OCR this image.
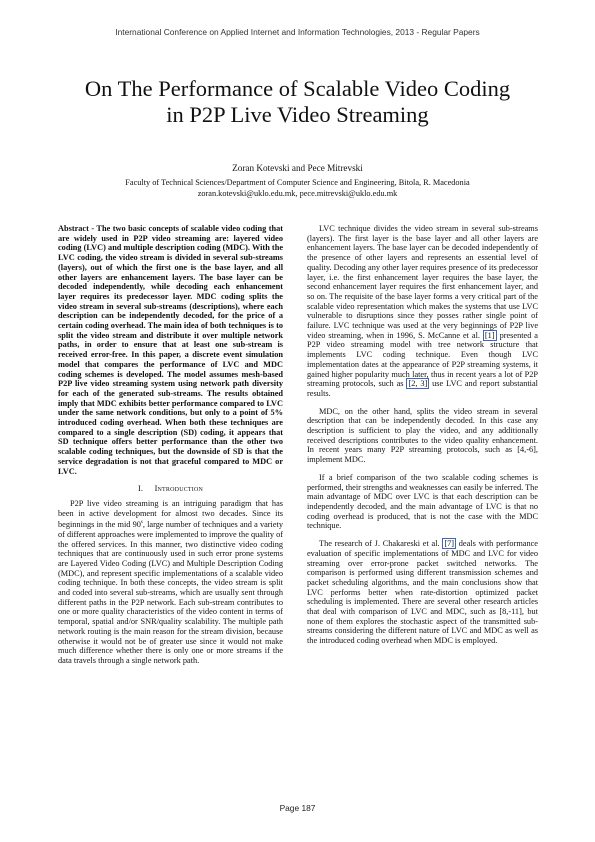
International Conference on Applied Internet and Information Technologies, 2013 - Regular Papers
On The Performance of Scalable Video Coding
in P2P Live Video Streaming
Zoran Kotevski and Pece Mitrevski
Faculty of Technical Sciences/Department of Computer Science and Engineering, Bitola, R. Macedonia
zoran.kotevski@uklo.edu.mk, pece.mitrevski@uklo.edu.mk

Abstract - The two basic concepts of scalable video coding that are widely used in P2P video streaming are: layered video coding (LVC) and multiple description coding (MDC). With the LVC coding, the video stream is divided in several sub-streams (layers), out of which the first one is the base layer, and all other layers are enhancement layers. The base layer can be decoded independently, while decoding each enhancement layer requires its predecessor layer. MDC coding splits the video stream in several sub-streams (descriptions), where each description can be independently decoded, for the price of a certain coding overhead. The main idea of both techniques is to split the video stream and distribute it over multiple network paths, in order to ensure that at least one sub-stream is received error-free. In this paper, a discrete event simulation model that compares the performance of LVC and MDC coding schemes is developed. The model assumes mesh-based P2P live video streaming system using network path diversity for each of the generated sub-streams. The results obtained imply that MDC exhibits better performance compared to LVC under the same network conditions, but only to a point of 5% introduced coding overhead. When both these techniques are compared to a single description (SD) coding, it appears that SD technique offers better performance than the other two scalable coding techniques, but the downside of SD is that the service degradation is not that graceful compared to MDC or LVC.

I. Introduction

P2P live video streaming is an intriguing paradigm that has been in active development for almost two decades. Since its beginnings in the mid 90$^s$, large number of techniques and a variety of different approaches were implemented to improve the quality of the offered services. In this manner, two distinctive video coding techniques that are continuously used in such error prone systems are Layered Video Coding (LVC) and Multiple Description Coding (MDC), and represent specific implementations of a scalable video coding technique. In both these concepts, the video stream is split and coded into several sub-streams, which are usually sent through different paths in the P2P network. Each sub-stream contributes to one or more quality characteristics of the video content in terms of temporal, spatial and/or SNR/quality scalability. The multiple path network routing is the main reason for the stream division, because otherwise it would not be of greater use since it would not make much difference whether there is only one or more streams if the data travels through a single network path.

LVC technique divides the video stream in several sub-streams (layers). The first layer is the base layer and all other layers are enhancement layers. The base layer can be decoded independently of the presence of other layers and represents an essential level of quality. Decoding any other layer requires presence of its predecessor layer, i.e. the first enhancement layer requires the base layer, the second enhancement layer requires the first enhancement layer, and so on. The requisite of the base layer forms a very critical part of the scalable video representation which makes the systems that use LVC vulnerable to disruptions since they posses rather single point of failure. LVC technique was used at the very beginnings of P2P live video streaming, when in 1996, S. McCanne et al. [1] presented a P2P video streaming model with tree network structure that implements LVC coding technique. Even though LVC implementation dates at the appearance of P2P streaming systems, it gained higher popularity much later, thus in recent years a lot of P2P streaming protocols, such as [2, 3] use LVC and report substantial results.

MDC, on the other hand, splits the video stream in several description that can be independently decoded. In this case any description is sufficient to play the video, and any additionally received descriptions contributes to the video quality enhancement. In recent years many P2P streaming protocols, such as [4,-6], implement MDC.

If a brief comparison of the two scalable coding schemes is performed, their strengths and weaknesses can easily be inferred. The main advantage of MDC over LVC is that each description can be independently decoded, and the main advantage of LVC is that no coding overhead is produced, that is not the case with the MDC technique.

The research of J. Chakareski et al. [7] deals with performance evaluation of specific implementations of MDC and LVC for video streaming over error-prone packet switched networks. The comparison is performed using different transmission schemes and packet scheduling algorithms, and the main conclusions show that LVC performs better when rate-distortion optimized packet scheduling is implemented. There are several other research articles that deal with comparison of LVC and MDC, such as [8,-11], but none of them explores the stochastic aspect of the transmitted sub-streams considering the different nature of LVC and MDC as well as the introduced coding overhead when MDC is employed.

Page 187
